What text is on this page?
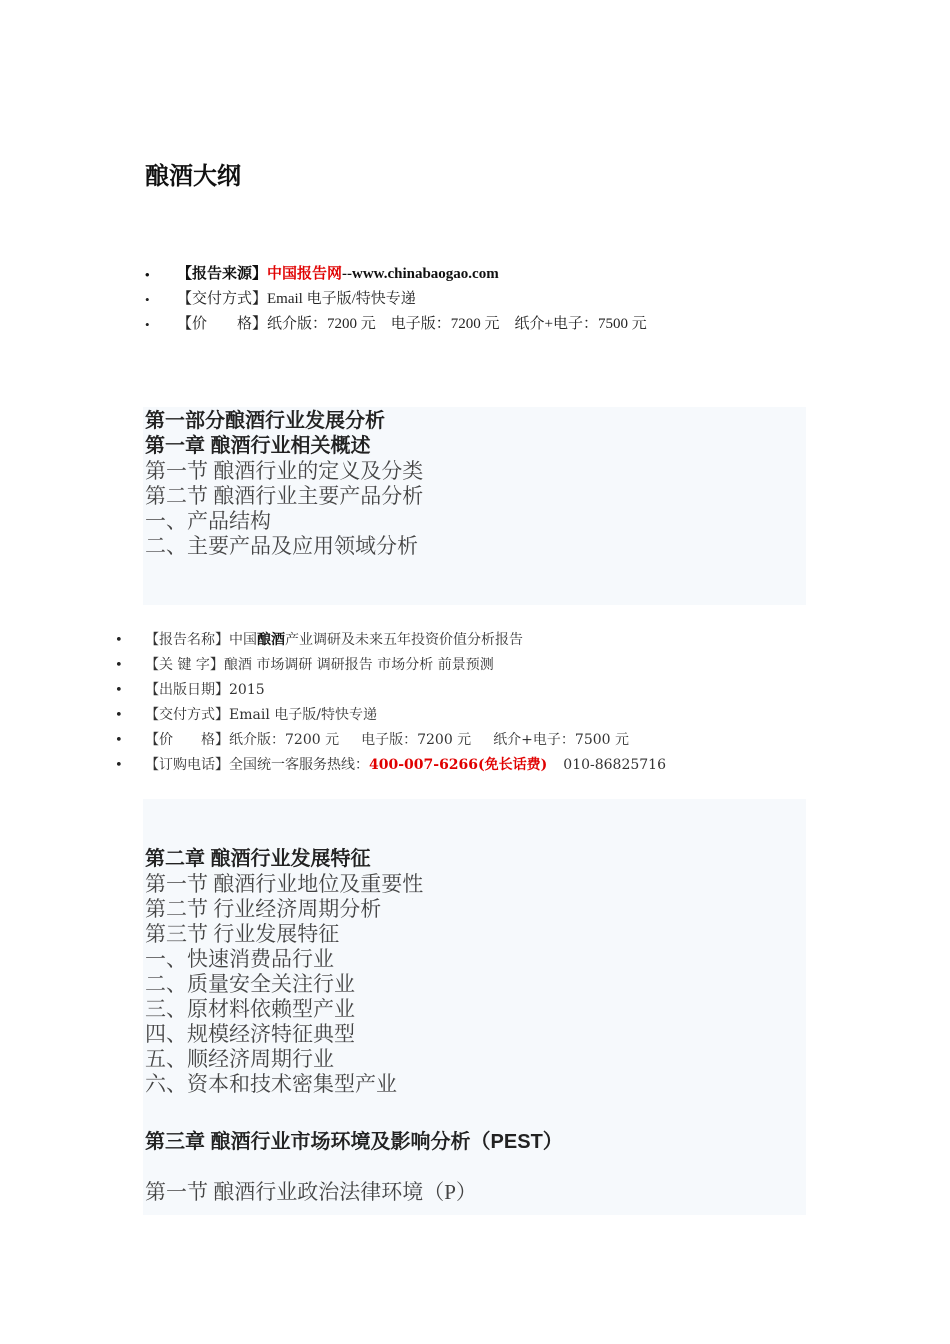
酿酒大纲
• 【报告来源】中国报告网--www.chinabaogao.com
• 【交付方式】Email 电子版/特快专递
• 【价　　格】纸介版：7200 元　电子版：7200 元　纸介+电子：7500 元
第一部分酿酒行业发展分析
第一章 酿酒行业相关概述
第一节 酿酒行业的定义及分类
第二节 酿酒行业主要产品分析
一、产品结构
二、主要产品及应用领域分析
• 【报告名称】中国酿酒产业调研及未来五年投资价值分析报告
• 【关 键 字】酿酒 市场调研 调研报告 市场分析 前景预测
• 【出版日期】2015
• 【交付方式】Email 电子版/特快专递
• 【价　　格】纸介版：7200 元 电子版：7200 元 纸介+电子：7500 元
• 【订购电话】全国统一客服务热线：400-007-6266(免长话费) 010-86825716
第二章 酿酒行业发展特征
第一节 酿酒行业地位及重要性
第二节 行业经济周期分析
第三节 行业发展特征
一、快速消费品行业
二、质量安全关注行业
三、原材料依赖型产业
四、规模经济特征典型
五、顺经济周期行业
六、资本和技术密集型产业
第三章 酿酒行业市场环境及影响分析（PEST）
第一节 酿酒行业政治法律环境（P）
